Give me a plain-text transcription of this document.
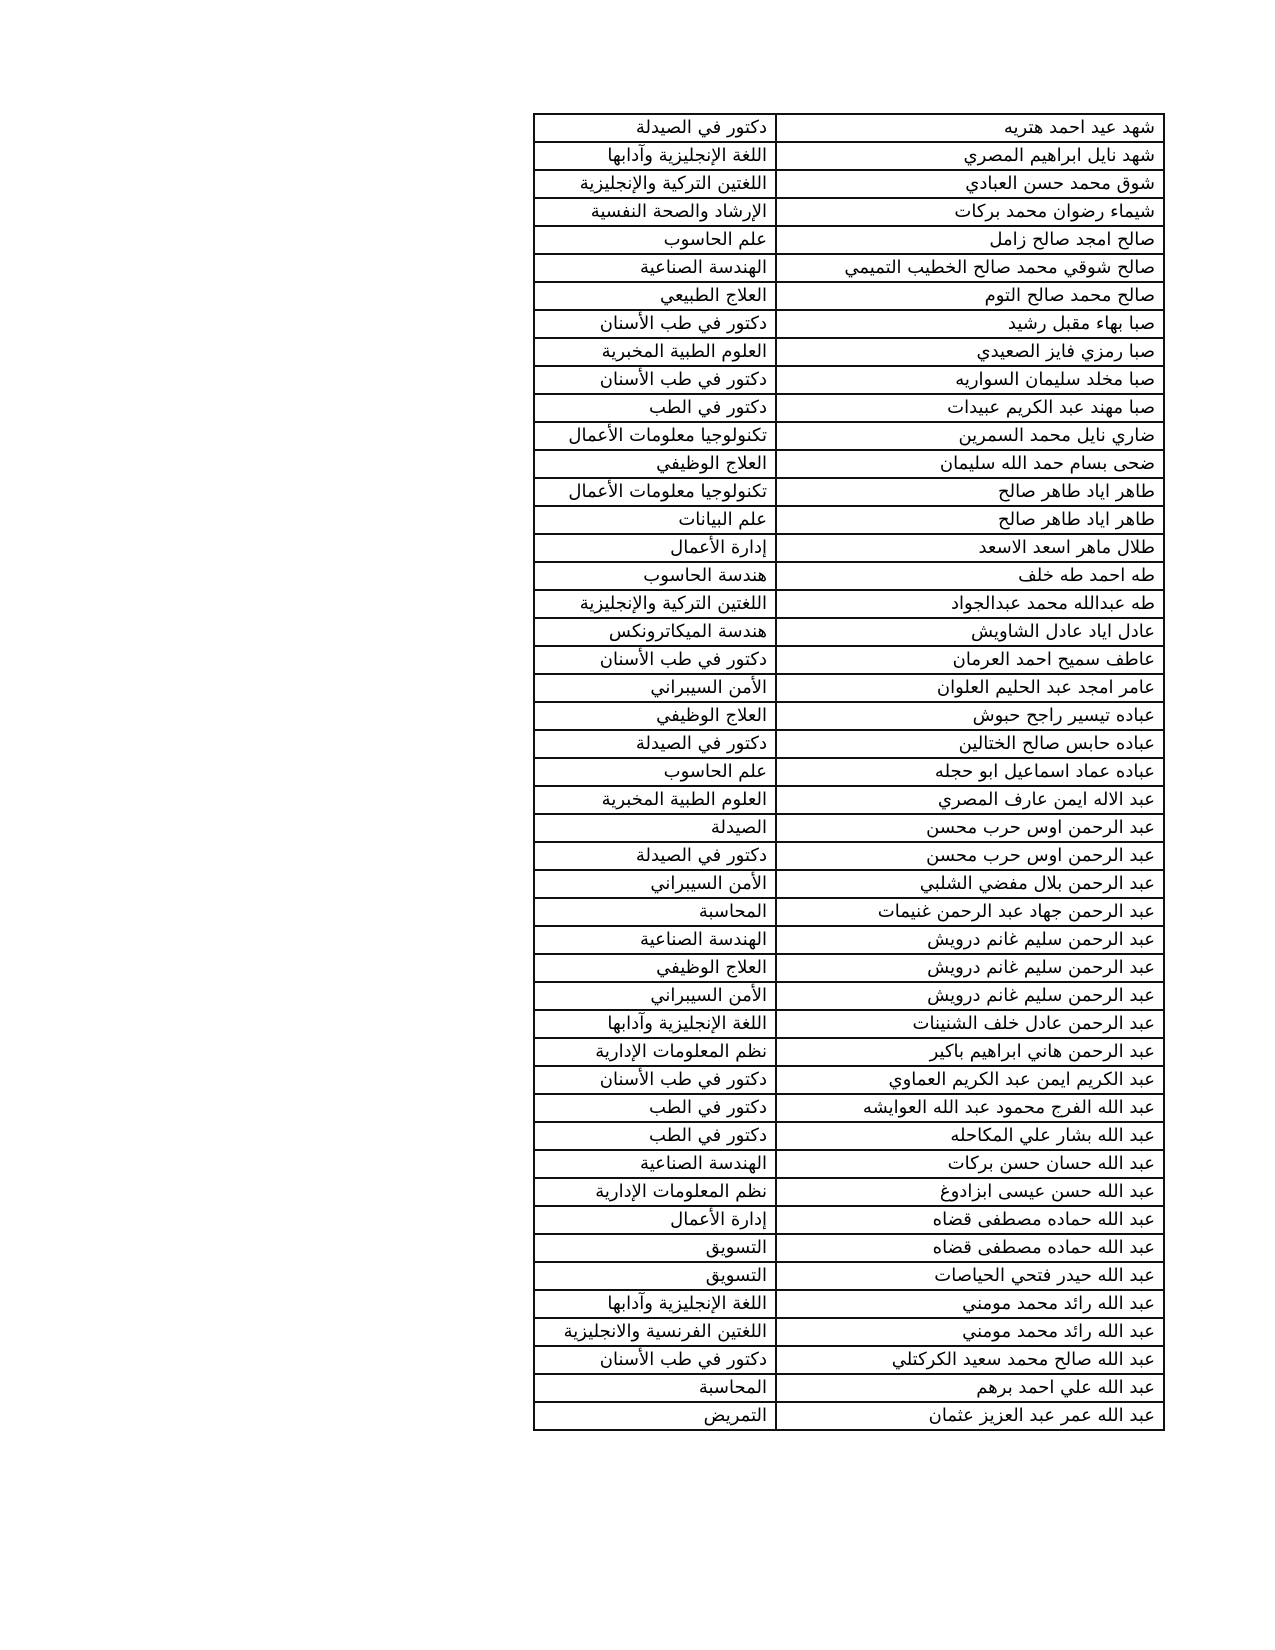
شهد عيد احمد هتريه	دكتور في الصيدلة
شهد نايل ابراهيم المصري	اللغة الإنجليزية وآدابها
شوق محمد حسن العبادي	اللغتين التركية والإنجليزية
شيماء رضوان محمد بركات	الإرشاد والصحة النفسية
صالح امجد صالح زامل	علم الحاسوب
صالح شوقي محمد صالح الخطيب التميمي	الهندسة الصناعية
صالح محمد صالح التوم	العلاج الطبيعي
صبا بهاء مقبل رشيد	دكتور في طب الأسنان
صبا رمزي فايز الصعيدي	العلوم الطبية المخبرية
صبا مخلد سليمان السواريه	دكتور في طب الأسنان
صبا مهند عبد الكريم عبيدات	دكتور في الطب
ضاري نايل محمد السمرين	تكنولوجيا معلومات الأعمال
ضحى بسام حمد الله سليمان	العلاج الوظيفي
طاهر اياد طاهر صالح	تكنولوجيا معلومات الأعمال
طاهر اياد طاهر صالح	علم البيانات
طلال ماهر اسعد الاسعد	إدارة الأعمال
طه احمد طه خلف	هندسة الحاسوب
طه عبدالله محمد عبدالجواد	اللغتين التركية والإنجليزية
عادل اياد عادل الشاويش	هندسة الميكاترونكس
عاطف سميح احمد العرمان	دكتور في طب الأسنان
عامر امجد عبد الحليم العلوان	الأمن السيبراني
عباده تيسير راجح حبوش	العلاج الوظيفي
عباده حابس صالح الختالين	دكتور في الصيدلة
عباده عماد اسماعيل ابو حجله	علم الحاسوب
عبد الاله ايمن عارف المصري	العلوم الطبية المخبرية
عبد الرحمن اوس حرب محسن	الصيدلة
عبد الرحمن اوس حرب محسن	دكتور في الصيدلة
عبد الرحمن بلال مفضي الشلبي	الأمن السيبراني
عبد الرحمن جهاد عبد الرحمن غنيمات	المحاسبة
عبد الرحمن سليم غانم درويش	الهندسة الصناعية
عبد الرحمن سليم غانم درويش	العلاج الوظيفي
عبد الرحمن سليم غانم درويش	الأمن السيبراني
عبد الرحمن عادل خلف الشنينات	اللغة الإنجليزية وآدابها
عبد الرحمن هاني ابراهيم باكير	نظم المعلومات الإدارية
عبد الكريم ايمن عبد الكريم العماوي	دكتور في طب الأسنان
عبد الله الفرج محمود عبد الله العوايشه	دكتور في الطب
عبد الله بشار علي المكاحله	دكتور في الطب
عبد الله حسان حسن بركات	الهندسة الصناعية
عبد الله حسن عيسى ابزادوغ	نظم المعلومات الإدارية
عبد الله حماده مصطفى قضاه	إدارة الأعمال
عبد الله حماده مصطفى قضاه	التسويق
عبد الله حيدر فتحي الحياصات	التسويق
عبد الله رائد محمد مومني	اللغة الإنجليزية وآدابها
عبد الله رائد محمد مومني	اللغتين الفرنسية والانجليزية
عبد الله صالح محمد سعيد الكركتلي	دكتور في طب الأسنان
عبد الله علي احمد برهم	المحاسبة
عبد الله عمر عبد العزيز عثمان	التمريض
